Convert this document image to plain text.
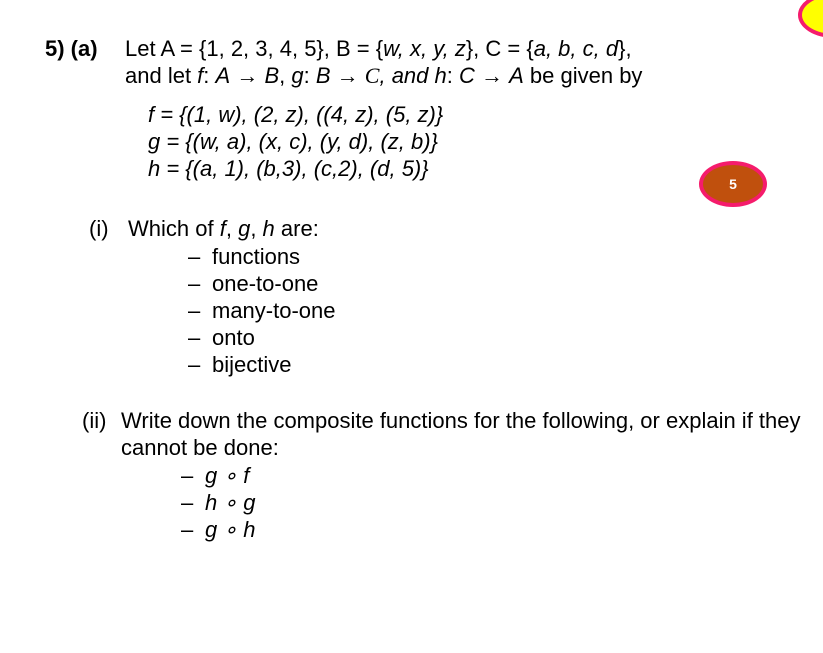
5) (a) Let A = {1, 2, 3, 4, 5}, B = {w, x, y, z}, C = {a, b, c, d},
and let f: A → B, g: B → C, and h: C → A be given by
f = {(1, w), (2, z), ((4, z), (5, z)}
g = {(w, a), (x, c), (y, d), (z, b)}
h = {(a, 1), (b,3), (c,2), (d, 5)}
5
(i) Which of f, g, h are:
– functions
– one-to-one
– many-to-one
– onto
– bijective
(ii) Write down the composite functions for the following, or explain if they
cannot be done:
– g ∘ f
– h ∘ g
– g ∘ h
